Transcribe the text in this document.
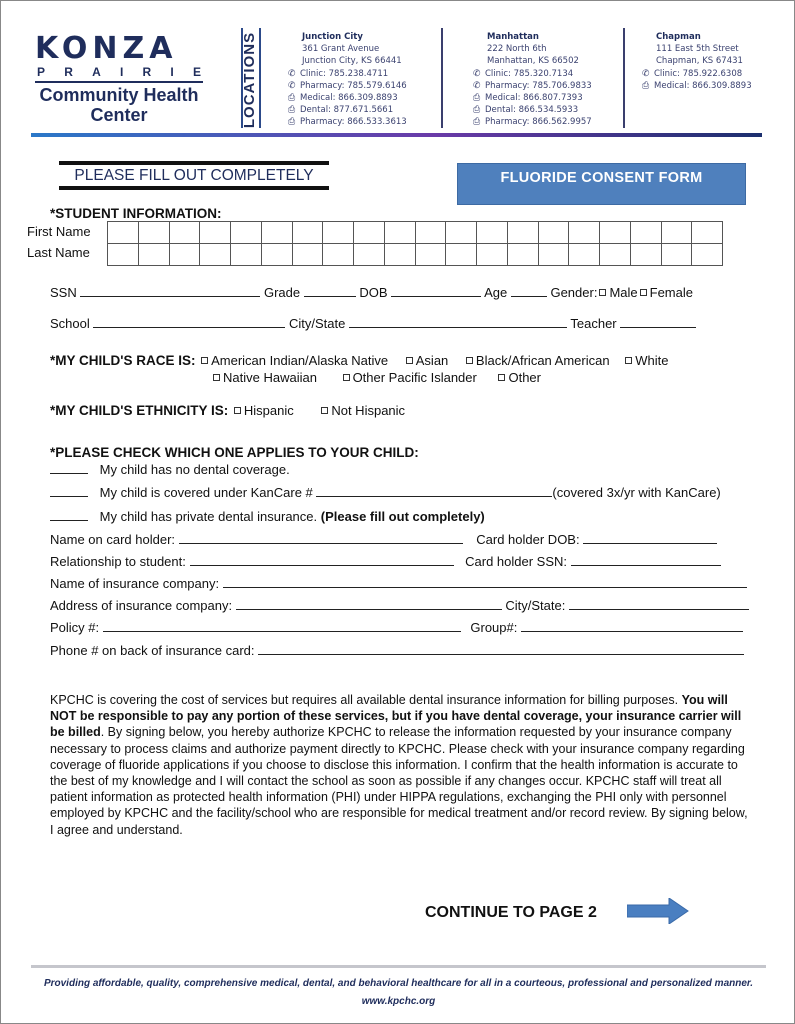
KONZA
P R A I R I E
Community Health
Center	LOCATIONS	Junction City
361 Grant Avenue
Junction City, KS 66441
✆ Clinic: 785.238.4711
✆ Pharmacy: 785.579.6146
⎙ Medical: 866.309.8893
⎙ Dental: 877.671.5661
⎙ Pharmacy: 866.533.3613
Manhattan
222 North 6th
Manhattan, KS 66502
✆ Clinic: 785.320.7134
✆ Pharmacy: 785.706.9833
⎙ Medical: 866.807.7393
⎙ Dental: 866.534.5933
⎙ Pharmacy: 866.562.9957
Chapman
111 East 5th Street
Chapman, KS 67431
✆ Clinic: 785.922.6308
⎙ Medical: 866.309.8893
PLEASE FILL OUT COMPLETELY	FLUORIDE CONSENT FORM
*STUDENT INFORMATION:
First Name
Last Name
SSN	Grade	DOB	Age	Gender: Male Female
School	City/State	Teacher
*MY CHILD'S RACE IS: American Indian/Alaska Native Asian Black/African American White
Native Hawaiian	Other Pacific Islander Other
*MY CHILD'S ETHNICITY IS: Hispanic	Not Hispanic
*PLEASE CHECK WHICH ONE APPLIES TO YOUR CHILD:
My child has no dental coverage.
My child is covered under KanCare #	(covered 3x/yr with KanCare)
My child has private dental insurance. (Please fill out completely)
Name on card holder:	Card holder DOB:
Relationship to student:	Card holder SSN:
Name of insurance company:
Address of insurance company:	City/State:
Policy #:	Group#:
Phone # on back of insurance card:
KPCHC is covering the cost of services but requires all available dental insurance information for billing purposes. You will NOT be responsible to pay any portion of these services, but if you have dental coverage, your insurance carrier will be billed. By signing below, you hereby authorize KPCHC to release the information requested by your insurance company necessary to process claims and authorize payment directly to KPCHC. Please check with your insurance company regarding coverage of fluoride applications if you choose to disclose this information. I confirm that the health information is accurate to the best of my knowledge and I will contact the school as soon as possible if any changes occur. KPCHC staff will treat all patient information as protected health information (PHI) under HIPPA regulations, exchanging the PHI only with personnel employed by KPCHC and the facility/school who are responsible for medical treatment and/or record review. By signing below, I agree and understand.
CONTINUE TO PAGE 2
Providing affordable, quality, comprehensive medical, dental, and behavioral healthcare for all in a courteous, professional and personalized manner.
www.kpchc.org
